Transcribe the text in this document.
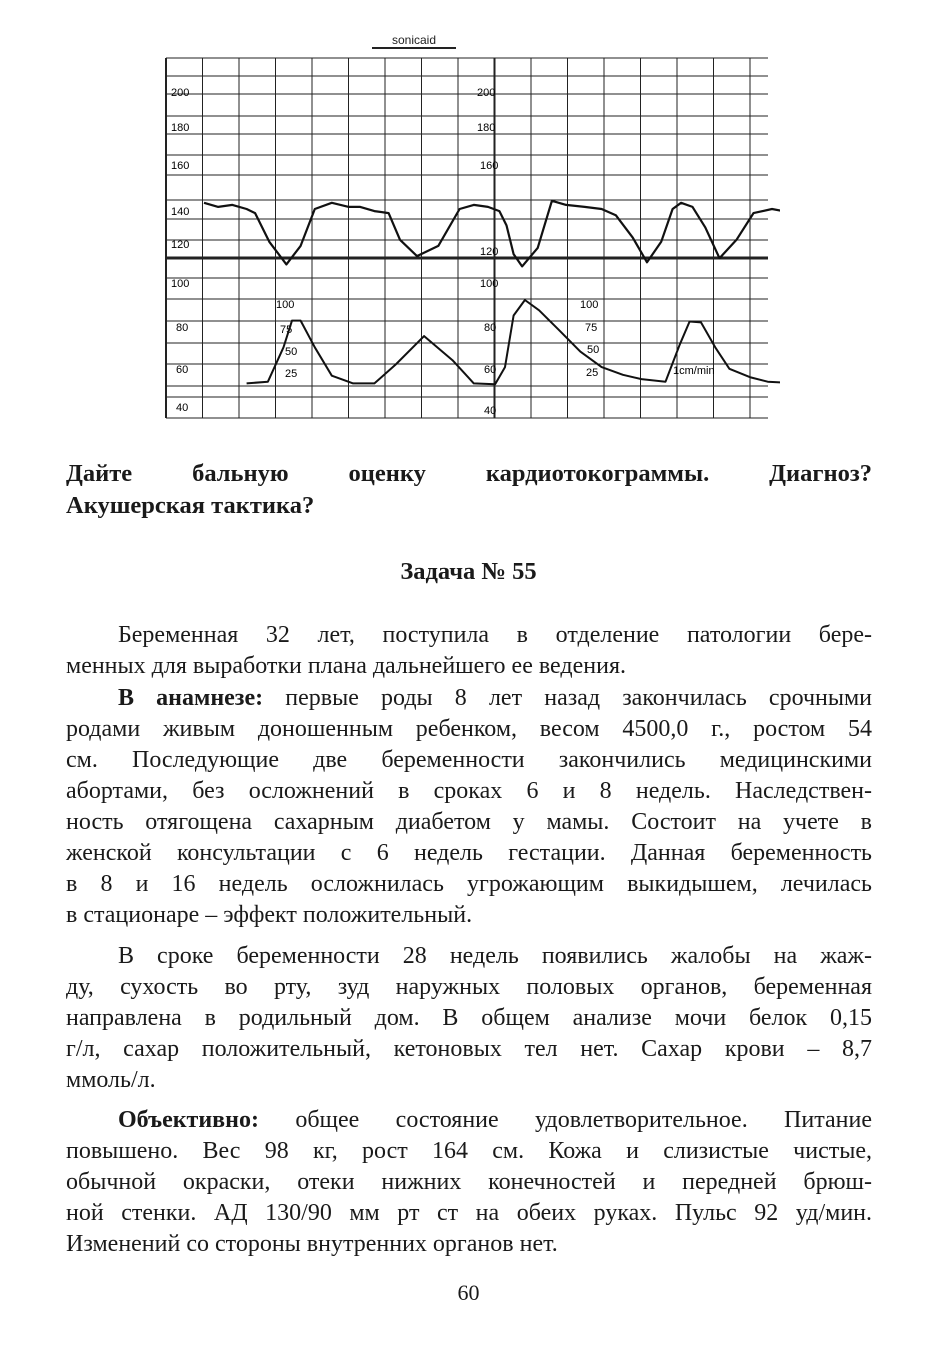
sonicaid
200
180
160
140
120
100
80
60
40
200
180
160
120
100
80
60
40
100
75
50
25
100
75
50
25	1cm/min

Дайте бальную оценку кардиотокограммы. Диагноз?

Акушерская тактика?

Задача № 55

Беременная 32 лет, поступила в отделение патологии бере-
менных для выработки плана дальнейшего ее ведения.
В анамнезе: первые роды 8 лет назад закончилась срочными
родами живым доношенным ребенком, весом 4500,0 г., ростом 54
см. Последующие две беременности закончились медицинскими
абортами, без осложнений в сроках 6 и 8 недель. Наследствен-
ность отягощена сахарным диабетом у мамы. Состоит на учете в
женской консультации с 6 недель гестации. Данная беременность
в 8 и 16 недель осложнилась угрожающим выкидышем, лечилась
в стационаре – эффект положительный.
В сроке беременности 28 недель появились жалобы на жаж-
ду, сухость во рту, зуд наружных половых органов, беременная
направлена в родильный дом. В общем анализе мочи белок 0,15
г/л, сахар положительный, кетоновых тел нет. Сахар крови – 8,7
ммоль/л.
Объективно: общее состояние удовлетворительное. Питание
повышено. Вес 98 кг, рост 164 см. Кожа и слизистые чистые,
обычной окраски, отеки нижних конечностей и передней брюш-
ной стенки. АД 130/90 мм рт ст на обеих руках. Пульс 92 уд/мин.
Изменений со стороны внутренних органов нет.

60
